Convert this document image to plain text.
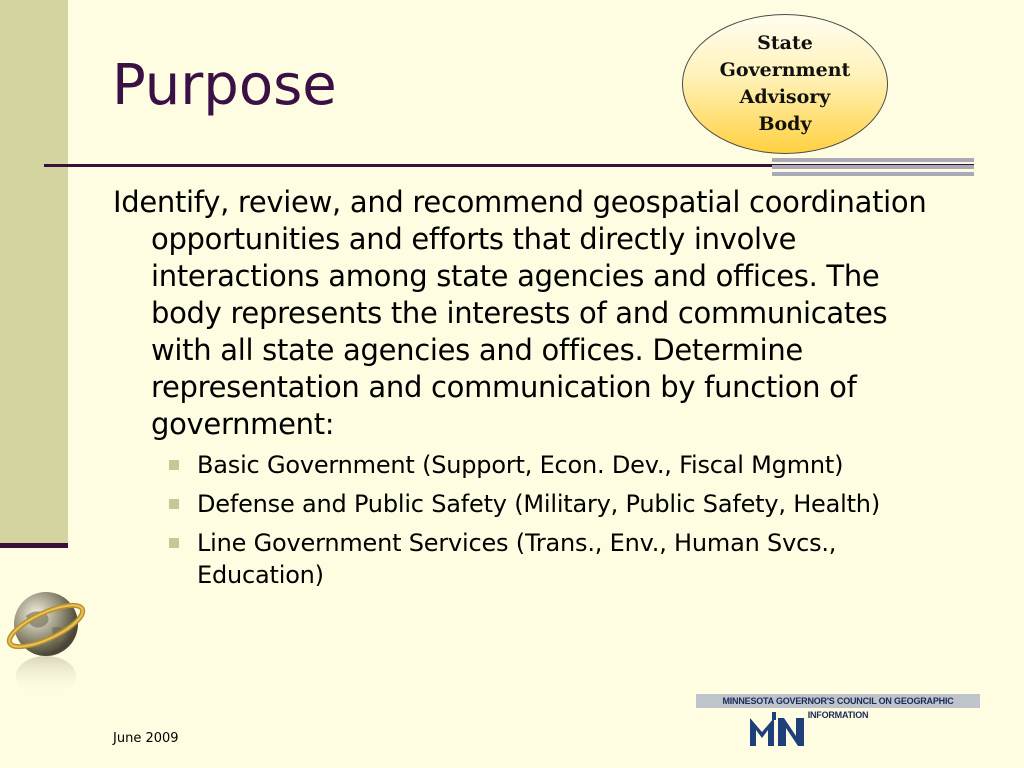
Purpose
State
Government
Advisory
Body
Identify, review, and recommend geospatial coordination opportunities and efforts that directly involve interactions among state agencies and offices. The body represents the interests of and communicates with all state agencies and offices. Determine representation and communication by function of government:
Basic Government (Support, Econ. Dev., Fiscal Mgmnt)
Defense and Public Safety (Military, Public Safety, Health)
Line Government Services (Trans., Env., Human Svcs., Education)
June 2009
MINNESOTA GOVERNOR'S COUNCIL ON GEOGRAPHIC INFORMATION
